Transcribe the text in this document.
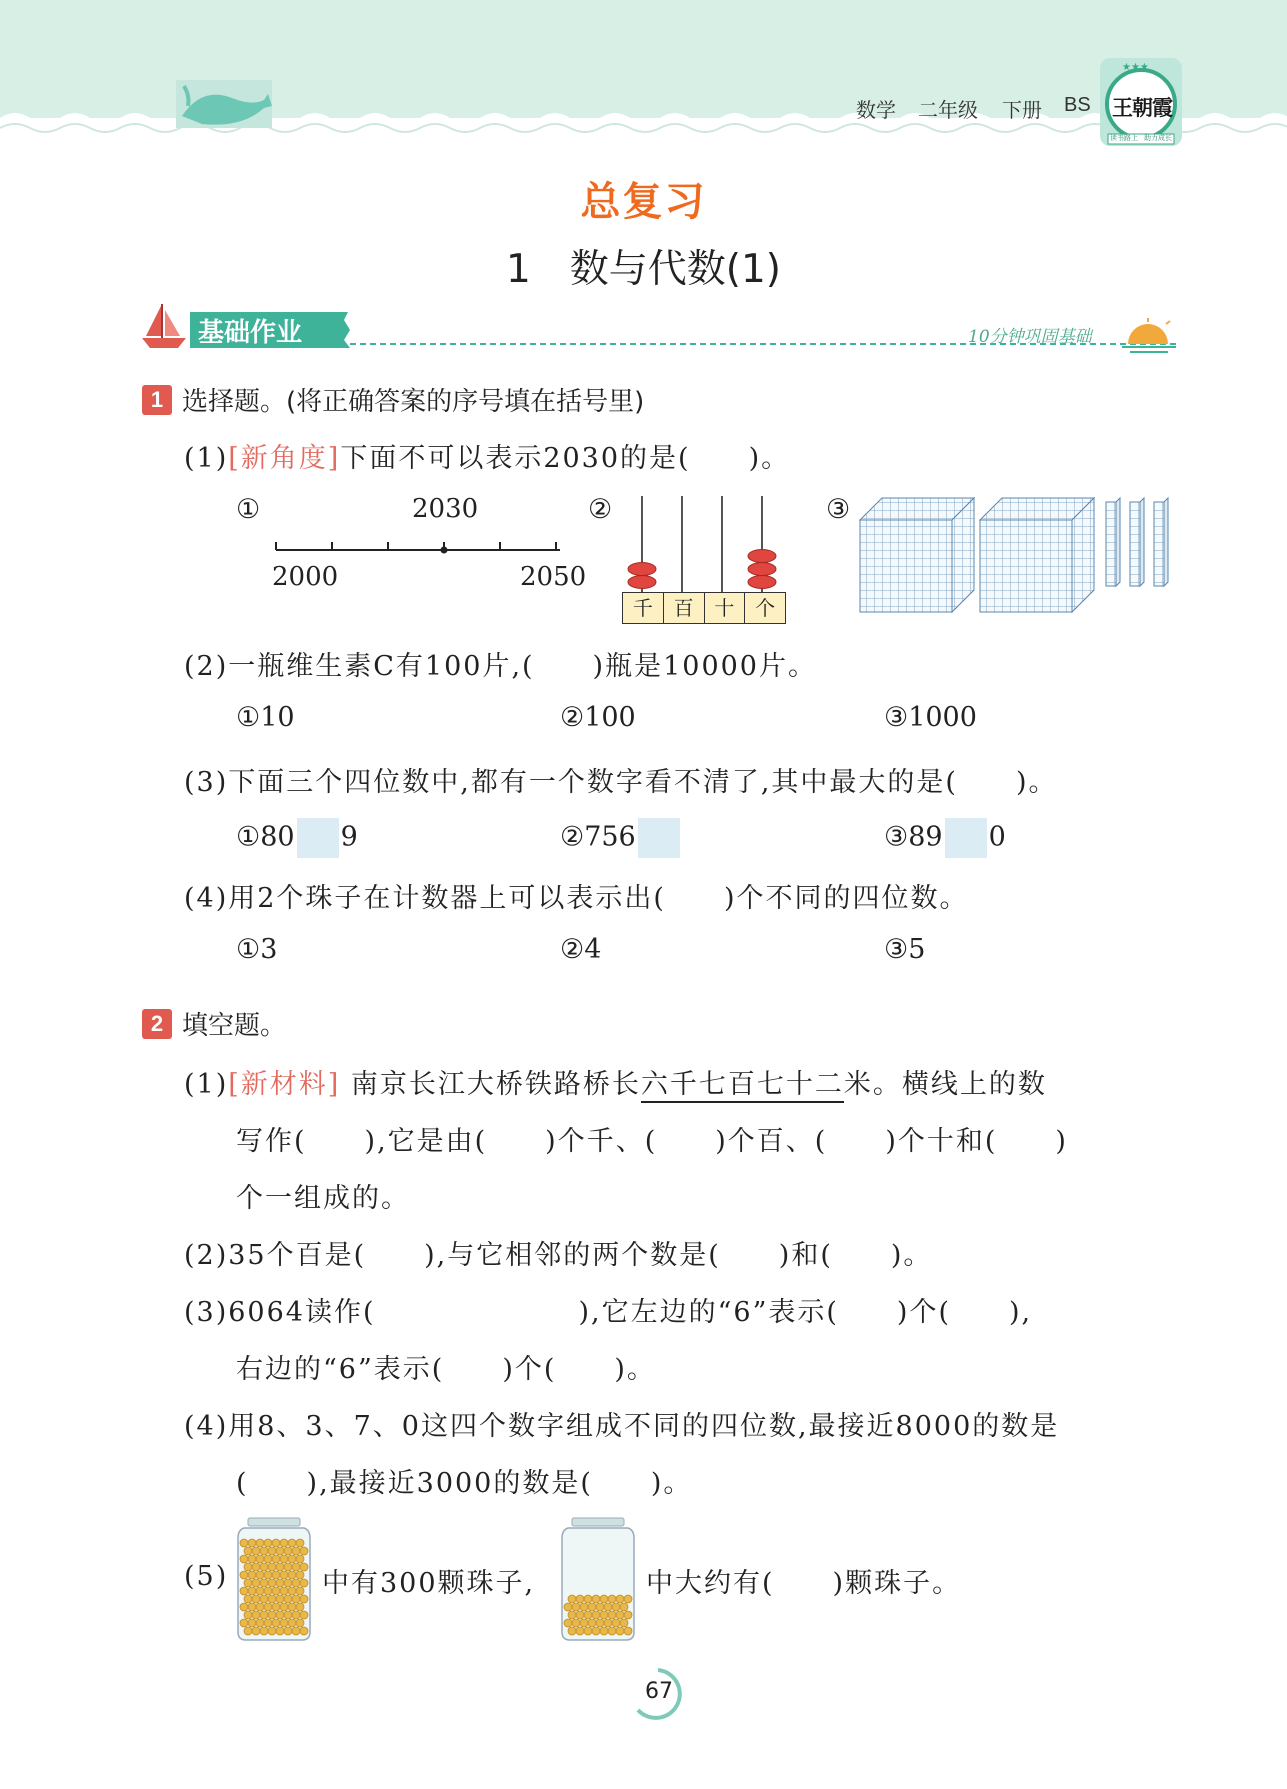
数学 二年级 下册 BS
★★★
王朝霞
读书路上 助力成长
总复习
1　数与代数(1)
基础作业	10分钟巩固基础
1 选择题。(将正确答案的序号填在括号里)
(1)[新角度]下面不可以表示2030的是(　　)。
①	2030
2000	2050
②
千	百	十	个
③
(2)一瓶维生素C有100片,(　　)瓶是10000片。
①10	②100	③1000
(3)下面三个四位数中,都有一个数字看不清了,其中最大的是(　　)。
①80 9	②756	③89 0
(4)用2个珠子在计数器上可以表示出(　　)个不同的四位数。
①3	②4	③5
2 填空题。
(1)[新材料] 南京长江大桥铁路桥长六千七百七十二米。横线上的数
写作(　　),它是由(　　)个千、(　　)个百、(　　)个十和(　　)
个一组成的。
(2)35个百是(　　),与它相邻的两个数是(　　)和(　　)。
(3)6064读作(　　　　　　　),它左边的“6”表示(　　)个(　　),
右边的“6”表示(　　)个(　　)。
(4)用8、3、7、0这四个数字组成不同的四位数,最接近8000的数是
(　　),最接近3000的数是(　　)。
(5)	中有300颗珠子,	中大约有(　　)颗珠子。
67
